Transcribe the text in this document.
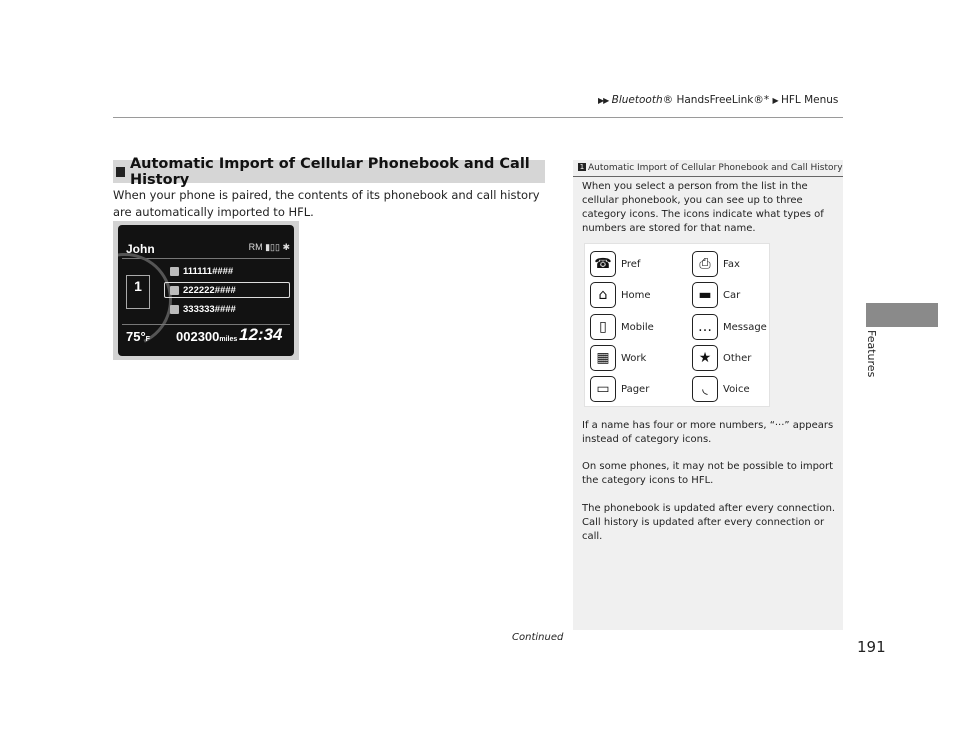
▶▶ Bluetooth® HandsFreeLink®* ▶ HFL Menus
Features
Automatic Import of Cellular Phonebook and Call History
When your phone is paired, the contents of its phonebook and call history are automatically imported to HFL.
John	RM ▮▯▯ ✱
1
111111####
222222####
333333####
75°F 002300miles 12:34
1 Automatic Import of Cellular Phonebook and Call History
When you select a person from the list in the cellular phonebook, you can see up to three category icons. The icons indicate what types of numbers are stored for that name.
☎ Pref	⎙	Fax
⌂	Home	▬	Car
▯	Mobile	…	Message
▦	Work	★	Other
▭	Pager	◟	Voice
If a name has four or more numbers, “···” appears instead of category icons.
On some phones, it may not be possible to import the category icons to HFL.
The phonebook is updated after every connection. Call history is updated after every connection or call.
Continued
191
